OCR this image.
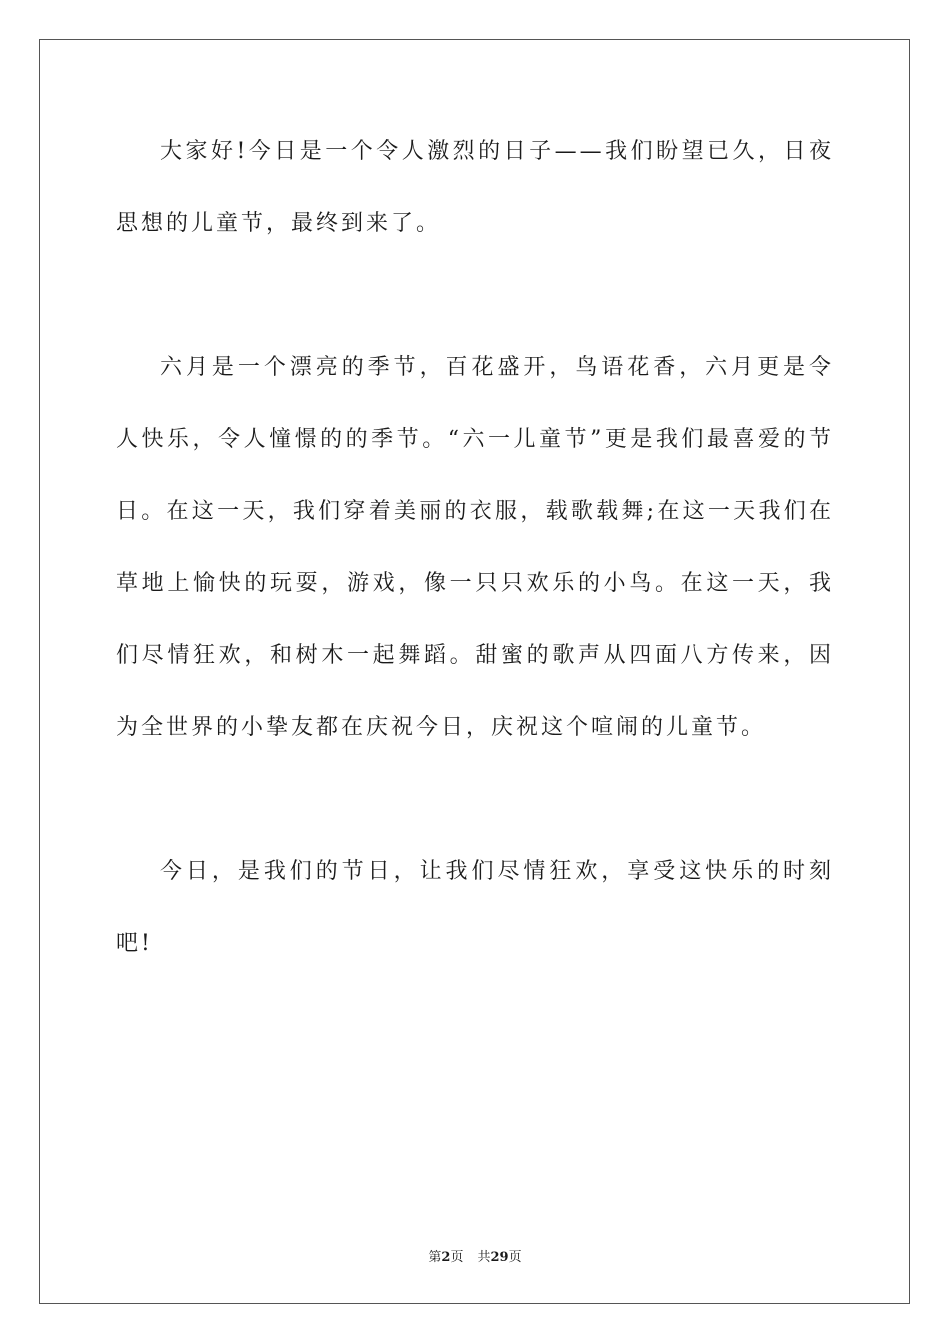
大家好!今日是一个令人激烈的日子——我们盼望已久，日夜思想的儿童节，最终到来了。

六月是一个漂亮的季节，百花盛开，鸟语花香，六月更是令人快乐，令人憧憬的的季节。“六一儿童节”更是我们最喜爱的节日。在这一天，我们穿着美丽的衣服，载歌载舞;在这一天我们在草地上愉快的玩耍，游戏，像一只只欢乐的小鸟。在这一天，我们尽情狂欢，和树木一起舞蹈。甜蜜的歌声从四面八方传来，因为全世界的小挚友都在庆祝今日，庆祝这个喧闹的儿童节。

今日，是我们的节日，让我们尽情狂欢，享受这快乐的时刻吧!

第2页 共29页
